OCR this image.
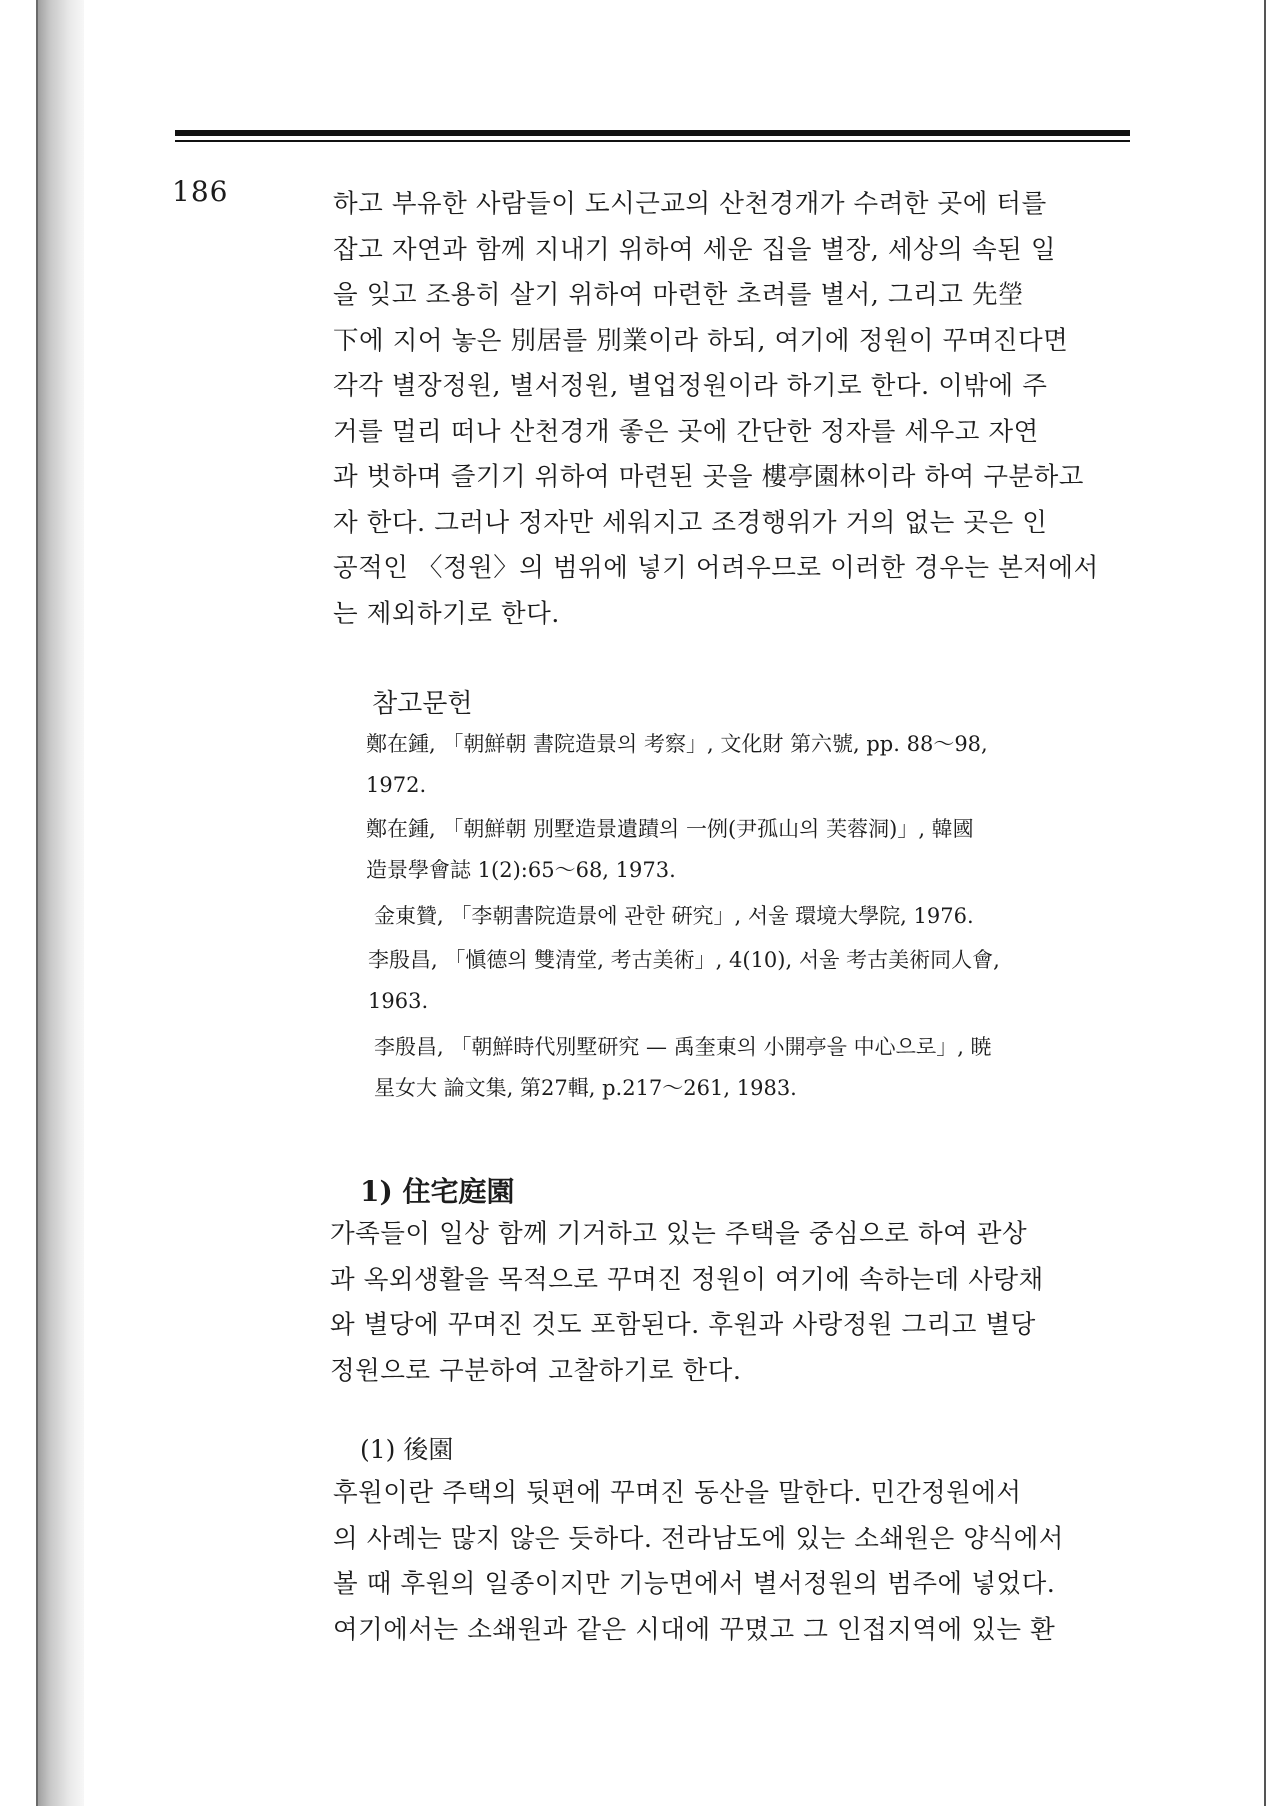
186	하고 부유한 사람들이 도시근교의 산천경개가 수려한 곳에 터를
잡고 자연과 함께 지내기 위하여 세운 집을 별장, 세상의 속된 일
을 잊고 조용히 살기 위하여 마련한 초려를 별서, 그리고 先塋
下에 지어 놓은 別居를 別業이라 하되, 여기에 정원이 꾸며진다면
각각 별장정원, 별서정원, 별업정원이라 하기로 한다. 이밖에 주
거를 멀리 떠나 산천경개 좋은 곳에 간단한 정자를 세우고 자연
과 벗하며 즐기기 위하여 마련된 곳을 樓亭園林이라 하여 구분하고
자 한다. 그러나 정자만 세워지고 조경행위가 거의 없는 곳은 인
공적인 〈정원〉의 범위에 넣기 어려우므로 이러한 경우는 본저에서
는 제외하기로 한다.

참고문헌

鄭在鍾, 「朝鮮朝 書院造景의 考察」, 文化財 第六號, pp. 88～98,
1972.

鄭在鍾, 「朝鮮朝 別墅造景遺蹟의 一例(尹孤山의 芙蓉洞)」, 韓國
造景學會誌 1(2):65～68, 1973.

金東贊, 「李朝書院造景에 관한 硏究」, 서울 環境大學院, 1976.

李殷昌, 「愼德의 雙清堂, 考古美術」, 4(10), 서울 考古美術同人會,
1963.

李殷昌, 「朝鮮時代別墅研究 — 禹奎東의 小開亭을 中心으로」, 暁
星女大 論文集, 第27輯, p.217～261, 1983.

1) 住宅庭園

가족들이 일상 함께 기거하고 있는 주택을 중심으로 하여 관상
과 옥외생활을 목적으로 꾸며진 정원이 여기에 속하는데 사랑채
와 별당에 꾸며진 것도 포함된다. 후원과 사랑정원 그리고 별당
정원으로 구분하여 고찰하기로 한다.

(1) 後園

후원이란 주택의 뒷편에 꾸며진 동산을 말한다. 민간정원에서
의 사례는 많지 않은 듯하다. 전라남도에 있는 소쇄원은 양식에서
볼 때 후원의 일종이지만 기능면에서 별서정원의 범주에 넣었다.
여기에서는 소쇄원과 같은 시대에 꾸몄고 그 인접지역에 있는 환
